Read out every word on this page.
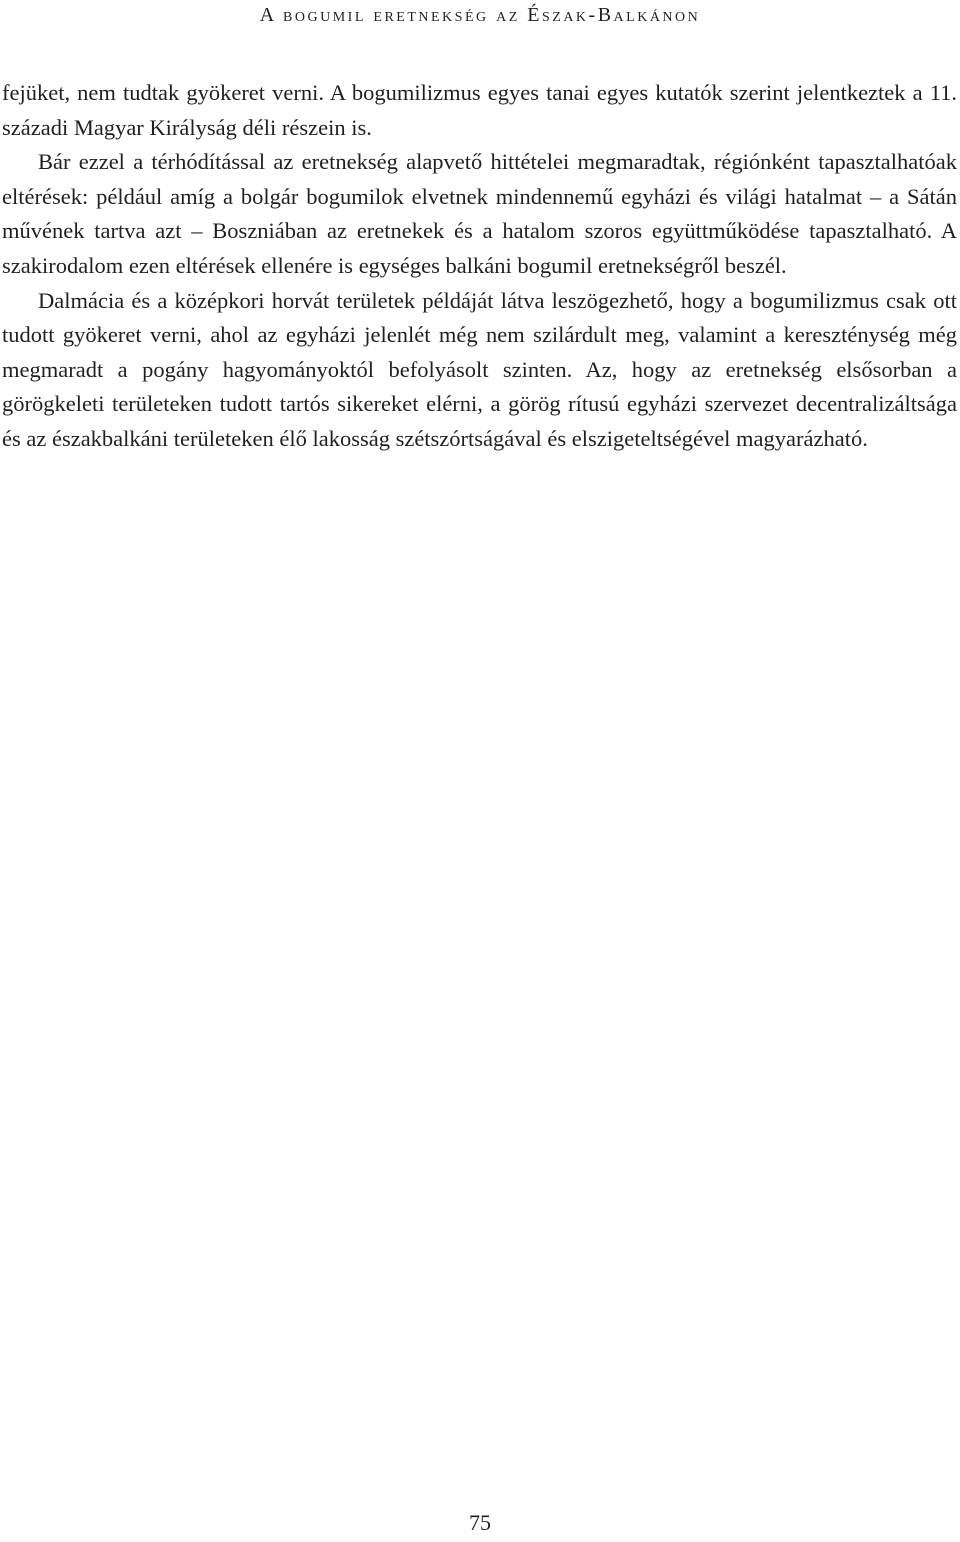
A bogumil eretnekség az Észak-Balkánon

fejüket, nem tudtak gyökeret verni. A bogumilizmus egyes tanai egyes kutatók szerint jelentkeztek a 11. századi Magyar Királyság déli részein is.

Bár ezzel a térhódítással az eretnekség alapvető hittételei megmaradtak, régiónként tapasztalhatóak eltérések: például amíg a bolgár bogumilok elvetnek mindennemű egyházi és világi hatalmat – a Sátán művének tartva azt – Boszniában az eretnekek és a hatalom szoros együttműködése tapasztalható. A szakirodalom ezen eltérések ellenére is egységes balkáni bogumil eretnekségről beszél.

Dalmácia és a középkori horvát területek példáját látva leszögezhető, hogy a bogumilizmus csak ott tudott gyökeret verni, ahol az egyházi jelenlét még nem szilárdult meg, valamint a kereszténység még megmaradt a pogány hagyományoktól befolyásolt szinten. Az, hogy az eretnekség elsősorban a görögkeleti területeken tudott tartós sikereket elérni, a görög rítusú egyházi szervezet decentralizáltsága és az északbalkáni területeken élő lakosság szétszórtságával és elszigeteltségével magyarázható.

75
